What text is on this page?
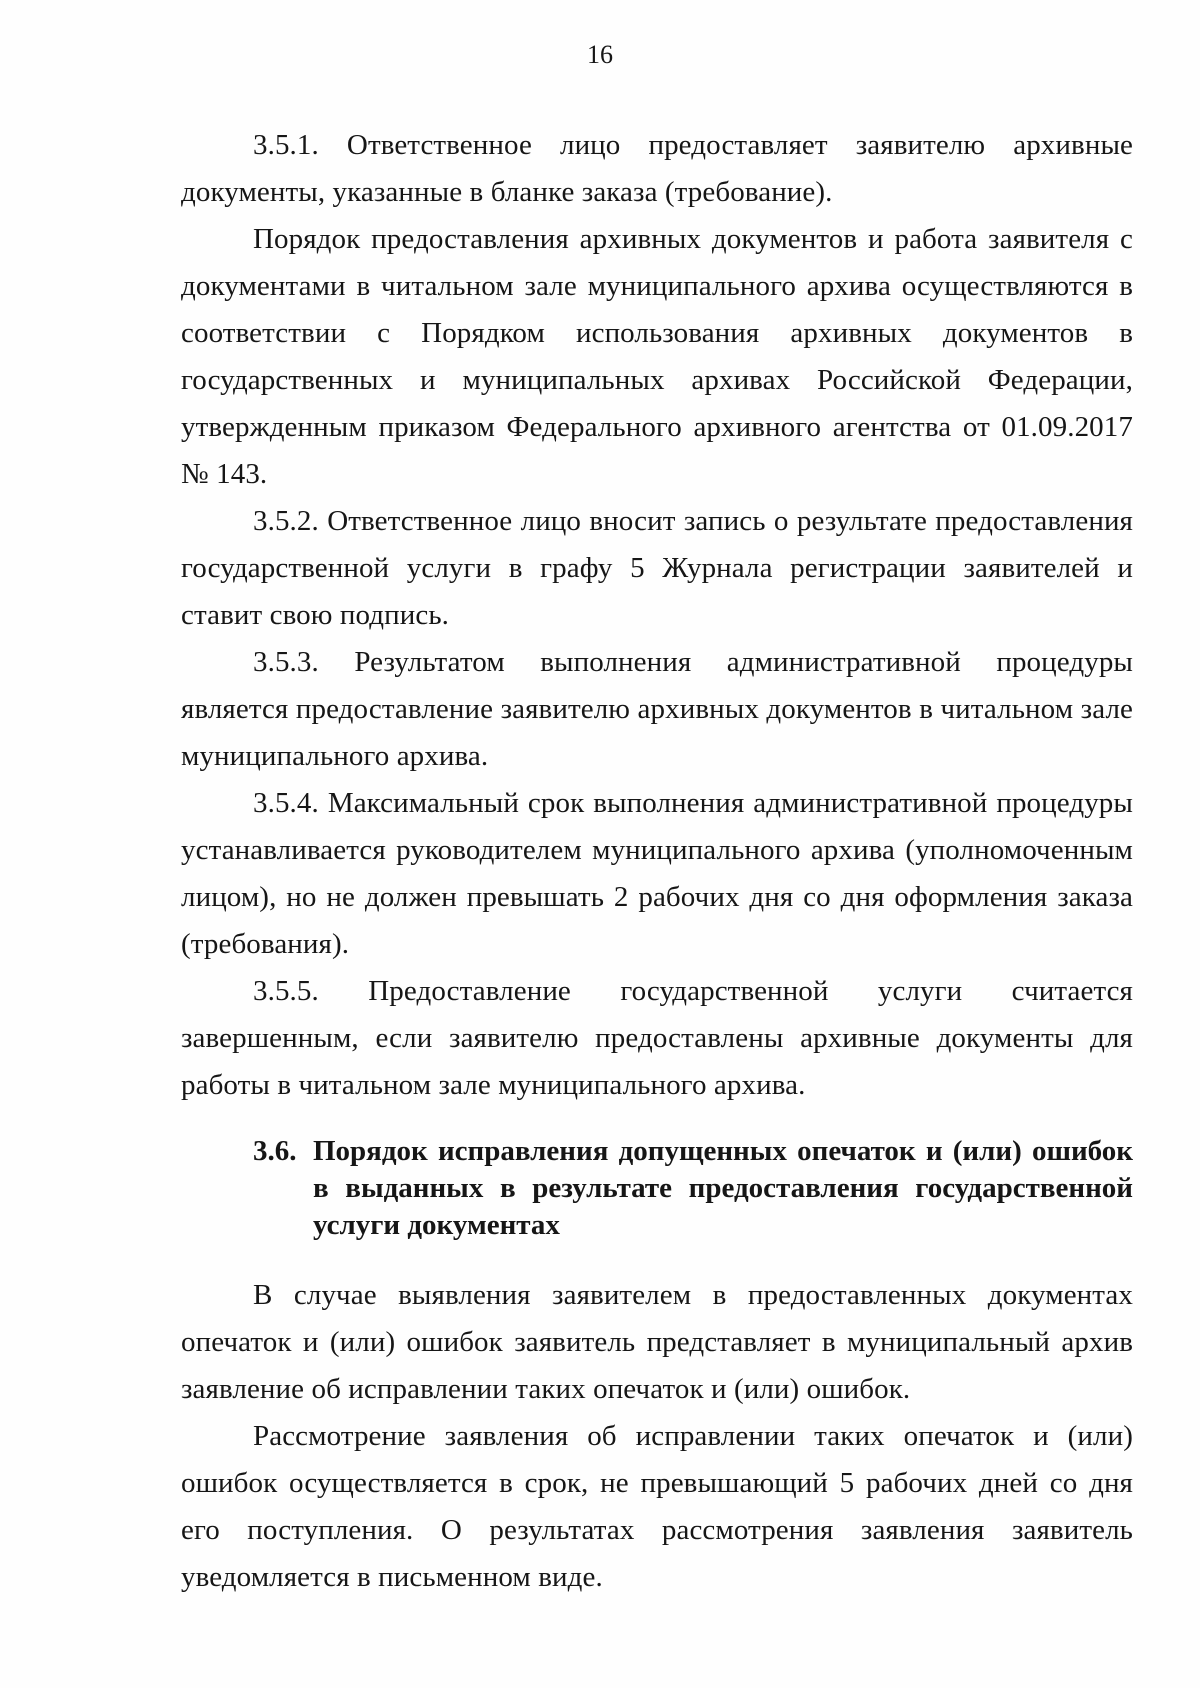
16

3.5.1. Ответственное лицо предоставляет заявителю архивные документы, указанные в бланке заказа (требование).

Порядок предоставления архивных документов и работа заявителя с документами в читальном зале муниципального архива осуществляются в соответствии с Порядком использования архивных документов в государственных и муниципальных архивах Российской Федерации, утвержденным приказом Федерального архивного агентства от 01.09.2017 № 143.

3.5.2. Ответственное лицо вносит запись о результате предоставления государственной услуги в графу 5 Журнала регистрации заявителей и ставит свою подпись.

3.5.3. Результатом выполнения административной процедуры является предоставление заявителю архивных документов в читальном зале муниципального архива.

3.5.4. Максимальный срок выполнения административной процедуры устанавливается руководителем муниципального архива (уполномоченным лицом), но не должен превышать 2 рабочих дня со дня оформления заказа (требования).

3.5.5. Предоставление государственной услуги считается завершенным, если заявителю предоставлены архивные документы для работы в читальном зале муниципального архива.

3.6. Порядок исправления допущенных опечаток и (или) ошибок в выданных в результате предоставления государственной услуги документах

В случае выявления заявителем в предоставленных документах опечаток и (или) ошибок заявитель представляет в муниципальный архив заявление об исправлении таких опечаток и (или) ошибок.

Рассмотрение заявления об исправлении таких опечаток и (или) ошибок осуществляется в срок, не превышающий 5 рабочих дней со дня его поступления. О результатах рассмотрения заявления заявитель уведомляется в письменном виде.
